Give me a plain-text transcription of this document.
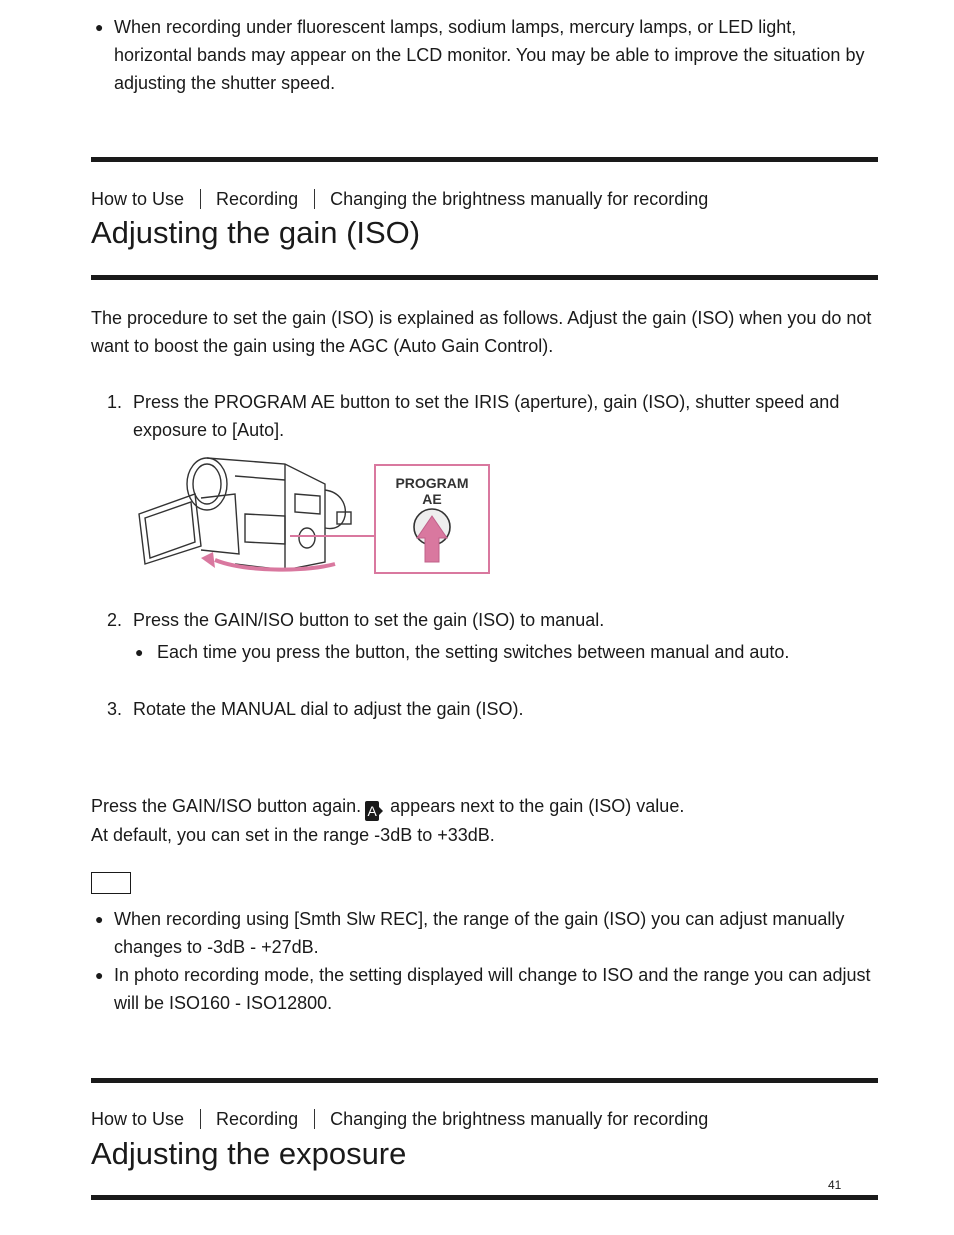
● When recording under fluorescent lamps, sodium lamps, mercury lamps, or LED light, horizontal bands may appear on the LCD monitor. You may be able to improve the situation by adjusting the shutter speed.
How to Use Recording Changing the brightness manually for recording
Adjusting the gain (ISO)

The procedure to set the gain (ISO) is explained as follows. Adjust the gain (ISO) when you do not want to boost the gain using the AGC (Auto Gain Control).

1. Press the PROGRAM AE button to set the IRIS (aperture), gain (ISO), shutter speed and exposure to [Auto].
PROGRAM
AE
2. Press the GAIN/ISO button to set the gain (ISO) to manual.
● Each time you press the button, the setting switches between manual and auto.
3. Rotate the MANUAL dial to adjust the gain (ISO).

Press the GAIN/ISO button again. A appears next to the gain (ISO) value.
At default, you can set in the range -3dB to +33dB.

● When recording using [Smth Slw REC], the range of the gain (ISO) you can adjust manually changes to -3dB - +27dB.
● In photo recording mode, the setting displayed will change to ISO and the range you can adjust will be ISO160 - ISO12800.
How to Use Recording Changing the brightness manually for recording
Adjusting the exposure
41
